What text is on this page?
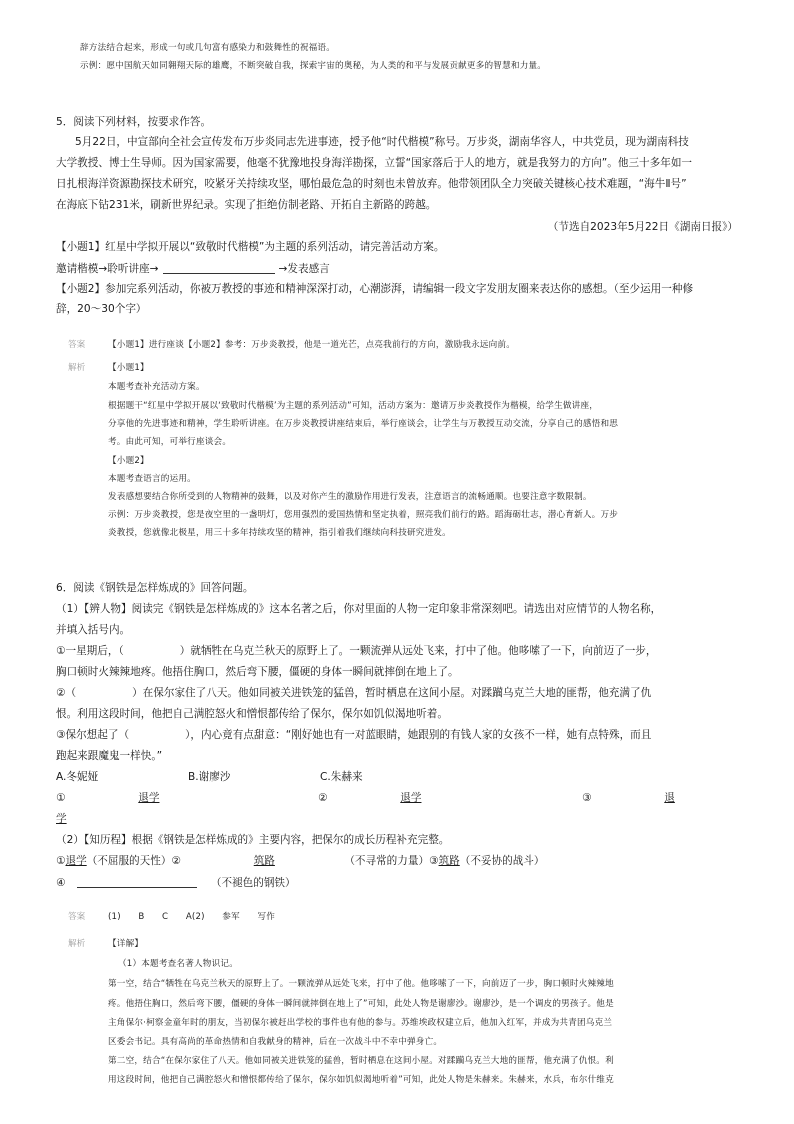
辞方法结合起来，形成一句或几句富有感染力和鼓舞性的祝福语。
示例：愿中国航天如同翱翔天际的雄鹰，不断突破自我，探索宇宙的奥秘，为人类的和平与发展贡献更多的智慧和力量。
5．阅读下列材料，按要求作答。
5月22日，中宣部向全社会宣传发布万步炎同志先进事迹，授予他“时代楷模”称号。万步炎，湖南华容人，中共党员，现为湖南科技
大学教授、博士生导师。因为国家需要，他毫不犹豫地投身海洋勘探，立誓“国家落后于人的地方，就是我努力的方向”。他三十多年如一
日扎根海洋资源勘探技术研究，咬紧牙关持续攻坚，哪怕最危急的时刻也未曾放弃。他带领团队全力突破关键核心技术难题，“海牛Ⅱ号”
在海底下钻231米，刷新世界纪录。实现了拒绝仿制老路、开拓自主新路的跨越。
（节选自2023年5月22日《湖南日报》）
【小题1】红星中学拟开展以“致敬时代楷模”为主题的系列活动，请完善活动方案。
邀请楷模→聆听讲座→	→发表感言
【小题2】参加完系列活动，你被万教授的事迹和精神深深打动，心潮澎湃，请编辑一段文字发朋友圈来表达你的感想。（至少运用一种修
辞，20～30个字）
答案	【小题1】进行座谈【小题2】参考：万步炎教授，他是一道光芒，点亮我前行的方向，激励我永远向前。
解析	【小题1】
本题考查补充活动方案。
根据题干“红星中学拟开展以‘致敬时代楷模’为主题的系列活动”可知，活动方案为：邀请万步炎教授作为楷模，给学生做讲座，
分享他的先进事迹和精神，学生聆听讲座。在万步炎教授讲座结束后，举行座谈会，让学生与万教授互动交流，分享自己的感悟和思
考。由此可知，可举行座谈会。
【小题2】
本题考查语言的运用。
发表感想要结合你所受到的人物精神的鼓舞，以及对你产生的激励作用进行发表，注意语言的流畅通顺。也要注意字数限制。
示例：万步炎教授，您是夜空里的一盏明灯，您用强烈的爱国热情和坚定执着，照亮我们前行的路。蹈海砺壮志，潜心育新人。万步
炎教授，您就像北极星，用三十多年持续攻坚的精神，指引着我们继续向科技研究进发。
6．阅读《钢铁是怎样炼成的》回答问题。
（1）【辨人物】阅读完《钢铁是怎样炼成的》这本名著之后，你对里面的人物一定印象非常深刻吧。请选出对应情节的人物名称，
并填入括号内。
①一星期后，（	）就牺牲在乌克兰秋天的原野上了。一颗流弹从远处飞来，打中了他。他哆嗦了一下，向前迈了一步，
胸口顿时火辣辣地疼。他捂住胸口，然后弯下腰，僵硬的身体一瞬间就摔倒在地上了。
②（	）在保尔家住了八天。他如同被关进铁笼的猛兽，暂时栖息在这间小屋。对蹂躏乌克兰大地的匪帮，他充满了仇
恨。利用这段时间，他把自己满腔怒火和憎恨都传给了保尔，保尔如饥似渴地听着。
③保尔想起了（	），内心竟有点甜意：“刚好她也有一对蓝眼睛，她跟别的有钱人家的女孩不一样，她有点特殊，而且
跑起来跟魔鬼一样快。”
A.冬妮娅	B.谢廖沙	C.朱赫来
①	退学	②	退学	③	退
学
（2）【知历程】根据《钢铁是怎样炼成的》主要内容，把保尔的成长历程补充完整。
①退学（不屈服的天性）②	筑路	（不寻常的力量）③筑路（不妥协的战斗）
④	（不褪色的钢铁）
答案	(1)　　B　　C　　A(2)　　参军　　写作
解析	【详解】
（1）本题考查名著人物识记。
第一空，结合“牺牲在乌克兰秋天的原野上了。一颗流弹从远处飞来，打中了他。他哆嗦了一下，向前迈了一步，胸口顿时火辣辣地
疼。他捂住胸口，然后弯下腰，僵硬的身体一瞬间就摔倒在地上了”可知，此处人物是谢廖沙。谢廖沙，是一个调皮的男孩子。他是
主角保尔·柯察金童年时的朋友，当初保尔被赶出学校的事件也有他的参与。苏维埃政权建立后，他加入红军，并成为共青团乌克兰
区委会书记。具有高尚的革命热情和自我献身的精神，后在一次战斗中不幸中弹身亡。
第二空，结合“在保尔家住了八天。他如同被关进铁笼的猛兽，暂时栖息在这间小屋。对蹂躏乌克兰大地的匪帮，他充满了仇恨。利
用这段时间，他把自己满腔怒火和憎恨都传给了保尔，保尔如饥似渴地听着”可知，此处人物是朱赫来。朱赫来，水兵，布尔什维克
